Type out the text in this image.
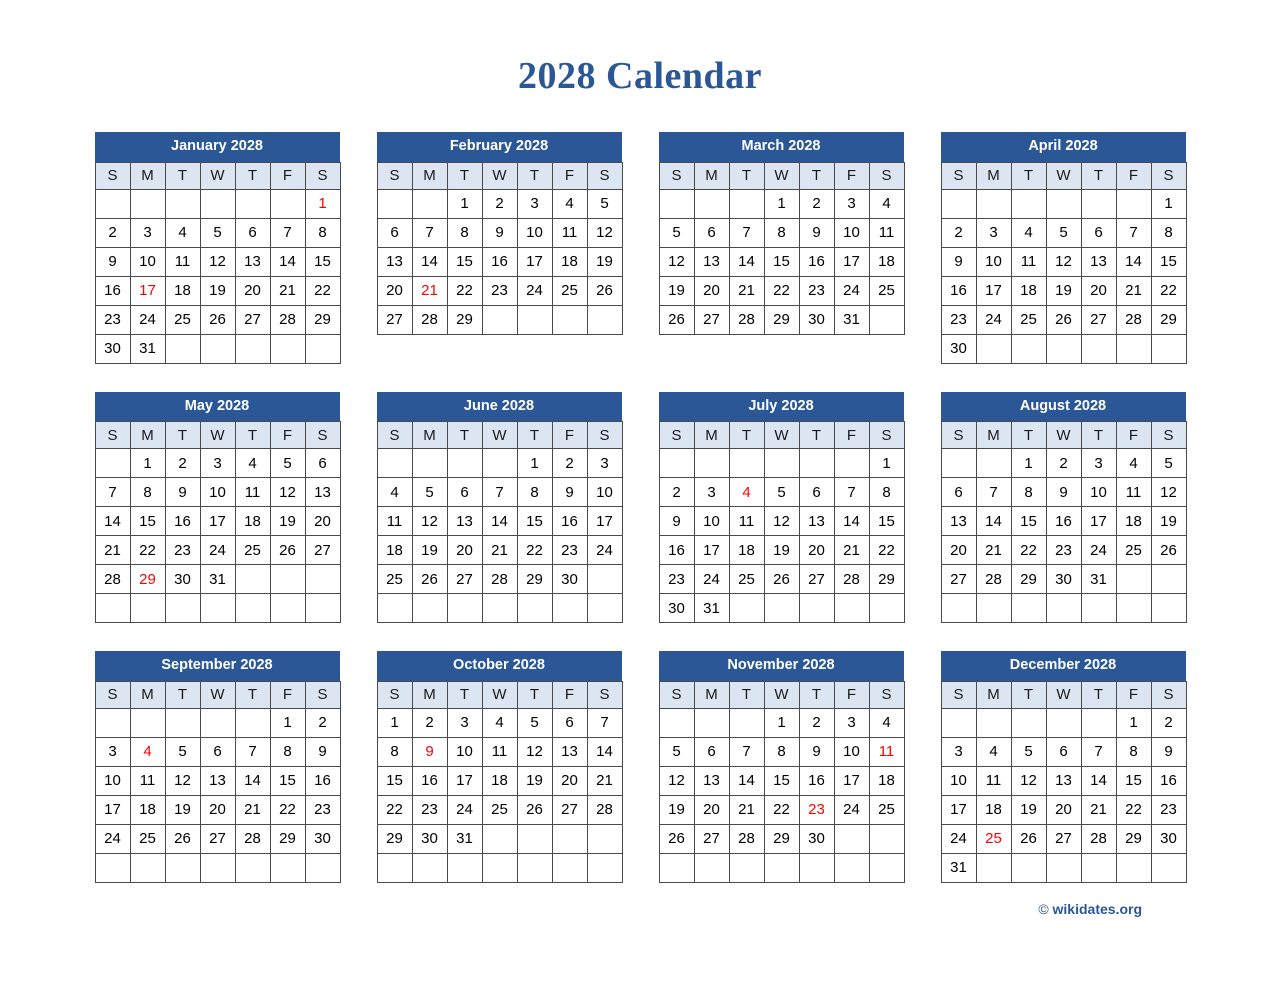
2028 Calendar
January 2028
S	M	T	W	T	F	S
						1
2	3	4	5	6	7	8
9	10	11	12	13	14	15
16	17	18	19	20	21	22
23	24	25	26	27	28	29
30	31					
February 2028
S	M	T	W	T	F	S
		1	2	3	4	5
6	7	8	9	10	11	12
13	14	15	16	17	18	19
20	21	22	23	24	25	26
27	28	29				
March 2028
S	M	T	W	T	F	S
			1	2	3	4
5	6	7	8	9	10	11
12	13	14	15	16	17	18
19	20	21	22	23	24	25
26	27	28	29	30	31	
April 2028
S	M	T	W	T	F	S
						1
2	3	4	5	6	7	8
9	10	11	12	13	14	15
16	17	18	19	20	21	22
23	24	25	26	27	28	29
30						
May 2028
S	M	T	W	T	F	S
	1	2	3	4	5	6
7	8	9	10	11	12	13
14	15	16	17	18	19	20
21	22	23	24	25	26	27
28	29	30	31			

June 2028
S	M	T	W	T	F	S
				1	2	3
4	5	6	7	8	9	10
11	12	13	14	15	16	17
18	19	20	21	22	23	24
25	26	27	28	29	30	

July 2028
S	M	T	W	T	F	S
						1
2	3	4	5	6	7	8
9	10	11	12	13	14	15
16	17	18	19	20	21	22
23	24	25	26	27	28	29
30	31					
August 2028
S	M	T	W	T	F	S
		1	2	3	4	5
6	7	8	9	10	11	12
13	14	15	16	17	18	19
20	21	22	23	24	25	26
27	28	29	30	31		

September 2028
S	M	T	W	T	F	S
					1	2
3	4	5	6	7	8	9
10	11	12	13	14	15	16
17	18	19	20	21	22	23
24	25	26	27	28	29	30

October 2028
S	M	T	W	T	F	S
1	2	3	4	5	6	7
8	9	10	11	12	13	14
15	16	17	18	19	20	21
22	23	24	25	26	27	28
29	30	31				

November 2028
S	M	T	W	T	F	S
			1	2	3	4
5	6	7	8	9	10	11
12	13	14	15	16	17	18
19	20	21	22	23	24	25
26	27	28	29	30		

December 2028
S	M	T	W	T	F	S
					1	2
3	4	5	6	7	8	9
10	11	12	13	14	15	16
17	18	19	20	21	22	23
24	25	26	27	28	29	30
31						
© wikidates.org
